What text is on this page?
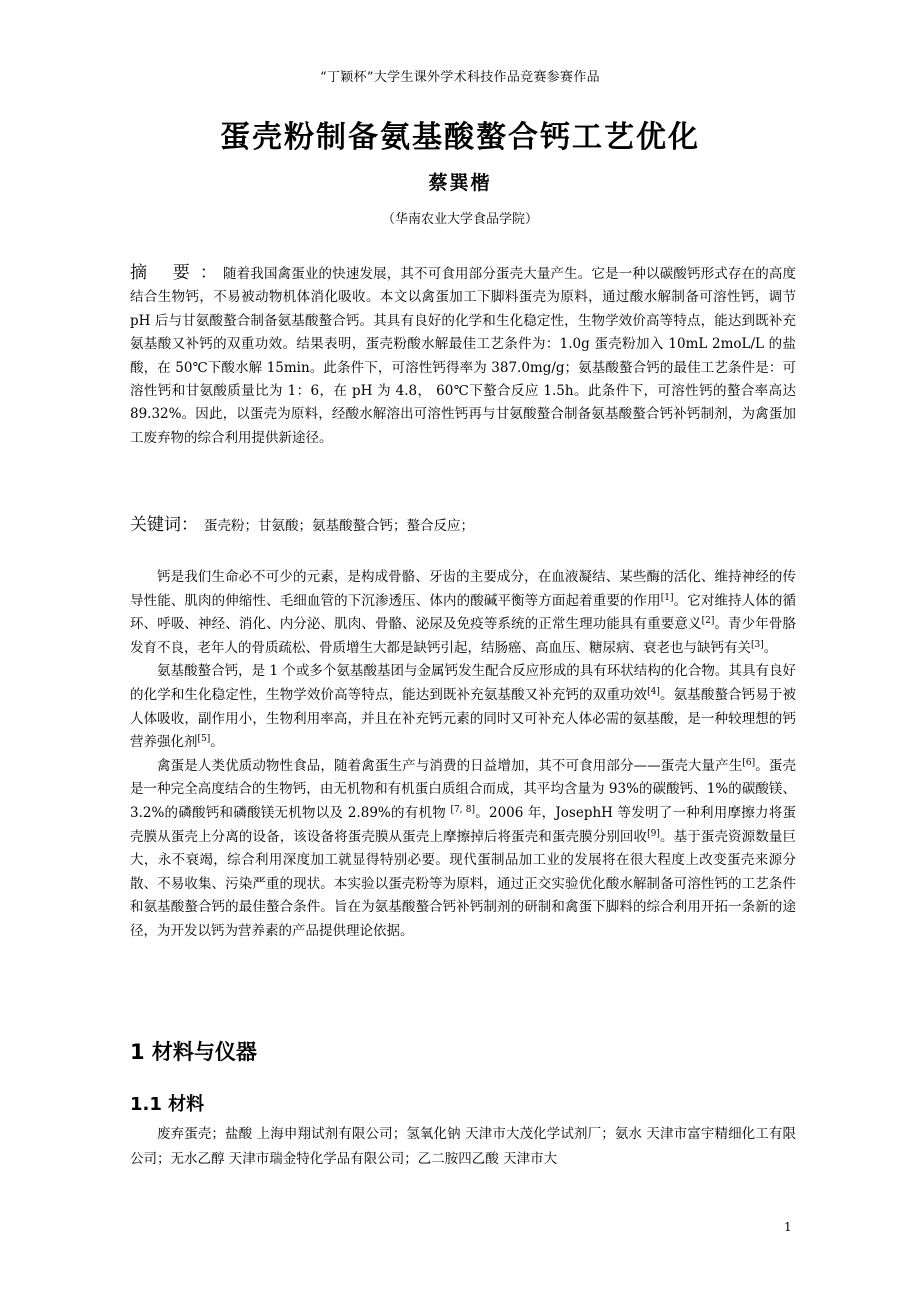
“丁颖杯”大学生课外学术科技作品竞赛参赛作品
蛋壳粉制备氨基酸螯合钙工艺优化
蔡巽楷
（华南农业大学食品学院）
摘 要：随着我国禽蛋业的快速发展，其不可食用部分蛋壳大量产生。它是一种以碳酸钙形式存在的高度结合生物钙，不易被动物机体消化吸收。本文以禽蛋加工下脚料蛋壳为原料，通过酸水解制备可溶性钙，调节 pH 后与甘氨酸螯合制备氨基酸螯合钙。其具有良好的化学和生化稳定性，生物学效价高等特点，能达到既补充氨基酸又补钙的双重功效。结果表明，蛋壳粉酸水解最佳工艺条件为：1.0g 蛋壳粉加入 10mL 2moL/L 的盐酸，在 50℃下酸水解 15min。此条件下，可溶性钙得率为 387.0mg/g；氨基酸螯合钙的最佳工艺条件是：可溶性钙和甘氨酸质量比为 1：6，在 pH 为 4.8， 60℃下螯合反应 1.5h。此条件下，可溶性钙的螯合率高达89.32%。因此，以蛋壳为原料，经酸水解溶出可溶性钙再与甘氨酸螯合制备氨基酸螯合钙补钙制剂，为禽蛋加工废弃物的综合利用提供新途径。
关键词： 蛋壳粉；甘氨酸；氨基酸螯合钙；螯合反应；

钙是我们生命必不可少的元素，是构成骨骼、牙齿的主要成分，在血液凝结、某些酶的活化、维持神经的传导性能、肌肉的伸缩性、毛细血管的下沉渗透压、体内的酸碱平衡等方面起着重要的作用[1]。它对维持人体的循环、呼吸、神经、消化、内分泌、肌肉、骨骼、泌尿及免疫等系统的正常生理功能具有重要意义[2]。青少年骨胳发育不良，老年人的骨质疏松、骨质增生大都是缺钙引起，结肠癌、高血压、糖尿病、衰老也与缺钙有关[3]。

氨基酸螯合钙，是 1 个或多个氨基酸基团与金属钙发生配合反应形成的具有环状结构的化合物。其具有良好的化学和生化稳定性，生物学效价高等特点，能达到既补充氨基酸又补充钙的双重功效[4]。氨基酸螯合钙易于被人体吸收，副作用小，生物利用率高，并且在补充钙元素的同时又可补充人体必需的氨基酸，是一种较理想的钙营养强化剂[5]。

禽蛋是人类优质动物性食品，随着禽蛋生产与消费的日益增加，其不可食用部分——蛋壳大量产生[6]。蛋壳是一种完全高度结合的生物钙，由无机物和有机蛋白质组合而成，其平均含量为 93%的碳酸钙、1%的碳酸镁、3.2%的磷酸钙和磷酸镁无机物以及 2.89%的有机物 [7, 8]。2006 年，JosephH 等发明了一种利用摩擦力将蛋壳膜从蛋壳上分离的设备，该设备将蛋壳膜从蛋壳上摩擦掉后将蛋壳和蛋壳膜分别回收[9]。基于蛋壳资源数量巨大，永不衰竭，综合利用深度加工就显得特别必要。现代蛋制品加工业的发展将在很大程度上改变蛋壳来源分散、不易收集、污染严重的现状。本实验以蛋壳粉等为原料，通过正交实验优化酸水解制备可溶性钙的工艺条件和氨基酸螯合钙的最佳螯合条件。旨在为氨基酸螯合钙补钙制剂的研制和禽蛋下脚料的综合利用开拓一条新的途径，为开发以钙为营养素的产品提供理论依据。

1 材料与仪器
1.1 材料

废弃蛋壳；盐酸 上海申翔试剂有限公司；氢氧化钠 天津市大茂化学试剂厂；氨水 天津市富宇精细化工有限公司；无水乙醇 天津市瑞金特化学品有限公司；乙二胺四乙酸 天津市大

1
